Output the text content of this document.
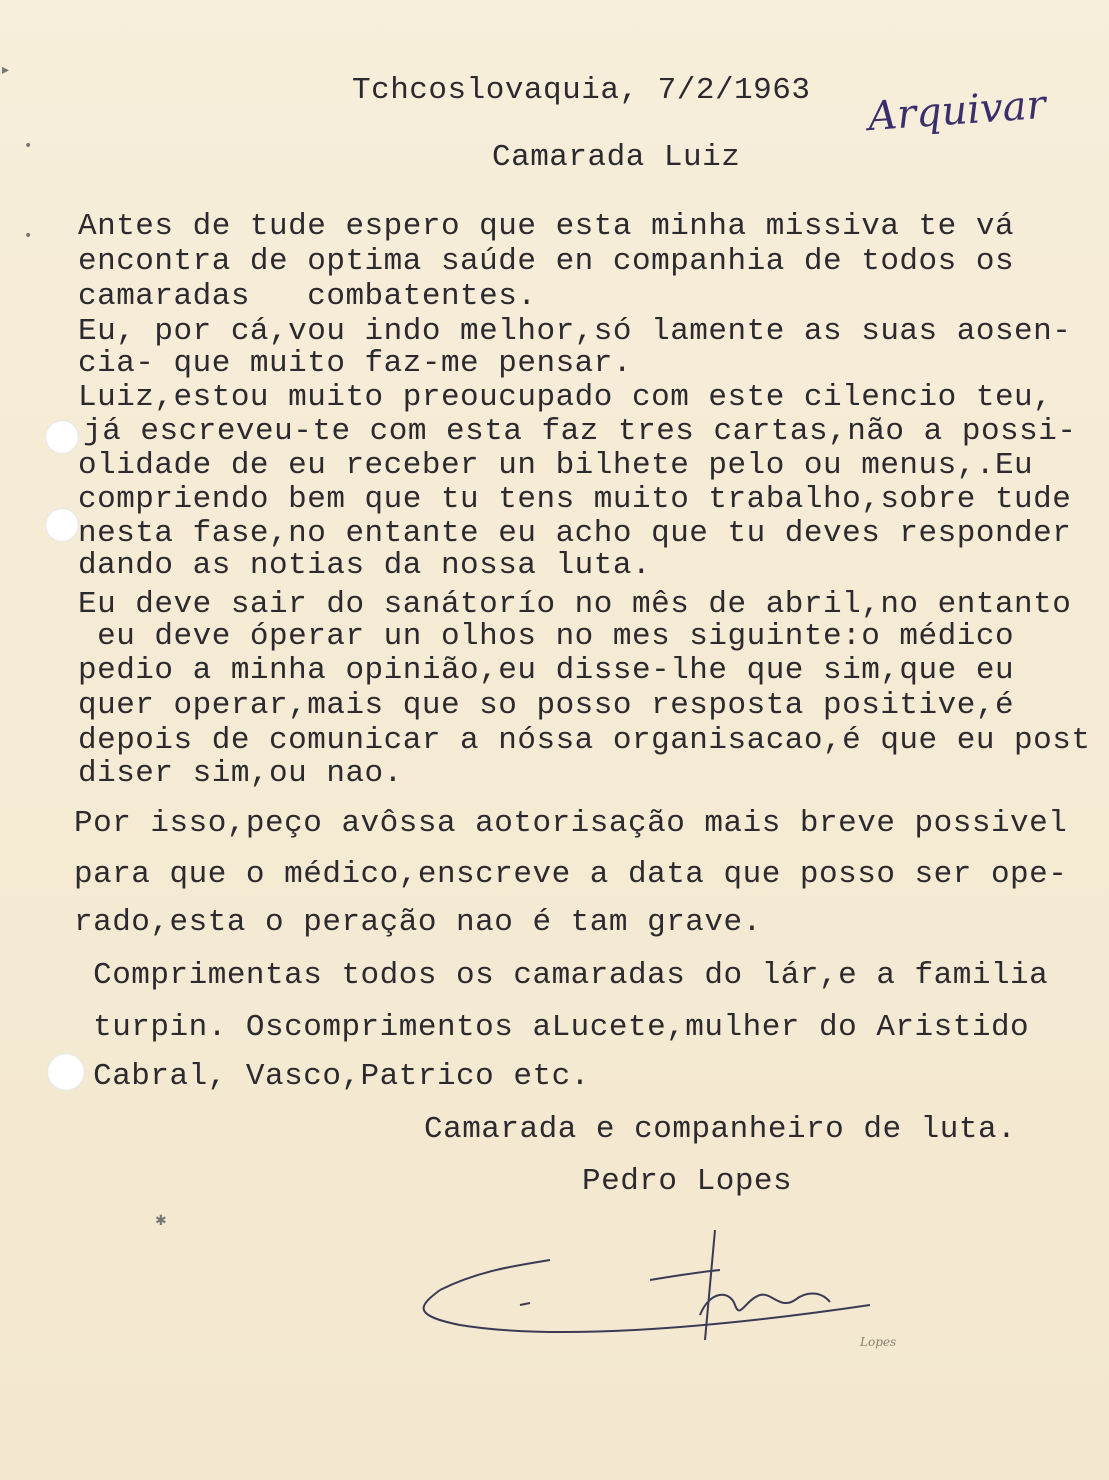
▸
•
•
✱
Tchcoslovaquia, 7/2/1963 Arquivar
Camarada Luiz
Antes de tude espero que esta minha missiva te vá
encontra de optima saúde en companhia de todos os
camaradas   combatentes.
Eu, por cá,vou indo melhor,só lamente as suas aosen-
cia- que muito faz-me pensar.
Luiz,estou muito preoucupado com este cilencio teu,
já escreveu-te com esta faz tres cartas,não a possi-
olidade de eu receber un bilhete pelo ou menus,.Eu
compriendo bem que tu tens muito trabalho,sobre tude
nesta fase,no entante eu acho que tu deves responder
dando as notias da nossa luta.
Eu deve sair do sanátorío no mês de abril,no entanto
eu deve óperar un olhos no mes siguinte:o médico
pedio a minha opinião,eu disse-lhe que sim,que eu
quer operar,mais que so posso resposta positive,é
depois de comunicar a nóssa organisacao,é que eu post
diser sim,ou nao.
Por isso,peço avôssa aotorisação mais breve possivel
para que o médico,enscreve a data que posso ser ope-
rado,esta o peração nao é tam grave.
Comprimentas todos os camaradas do lár,e a familia
turpin. Oscomprimentos aLucete,mulher do Aristido
Cabral, Vasco,Patrico etc.
Camarada e companheiro de luta.
Pedro Lopes
Lopes
